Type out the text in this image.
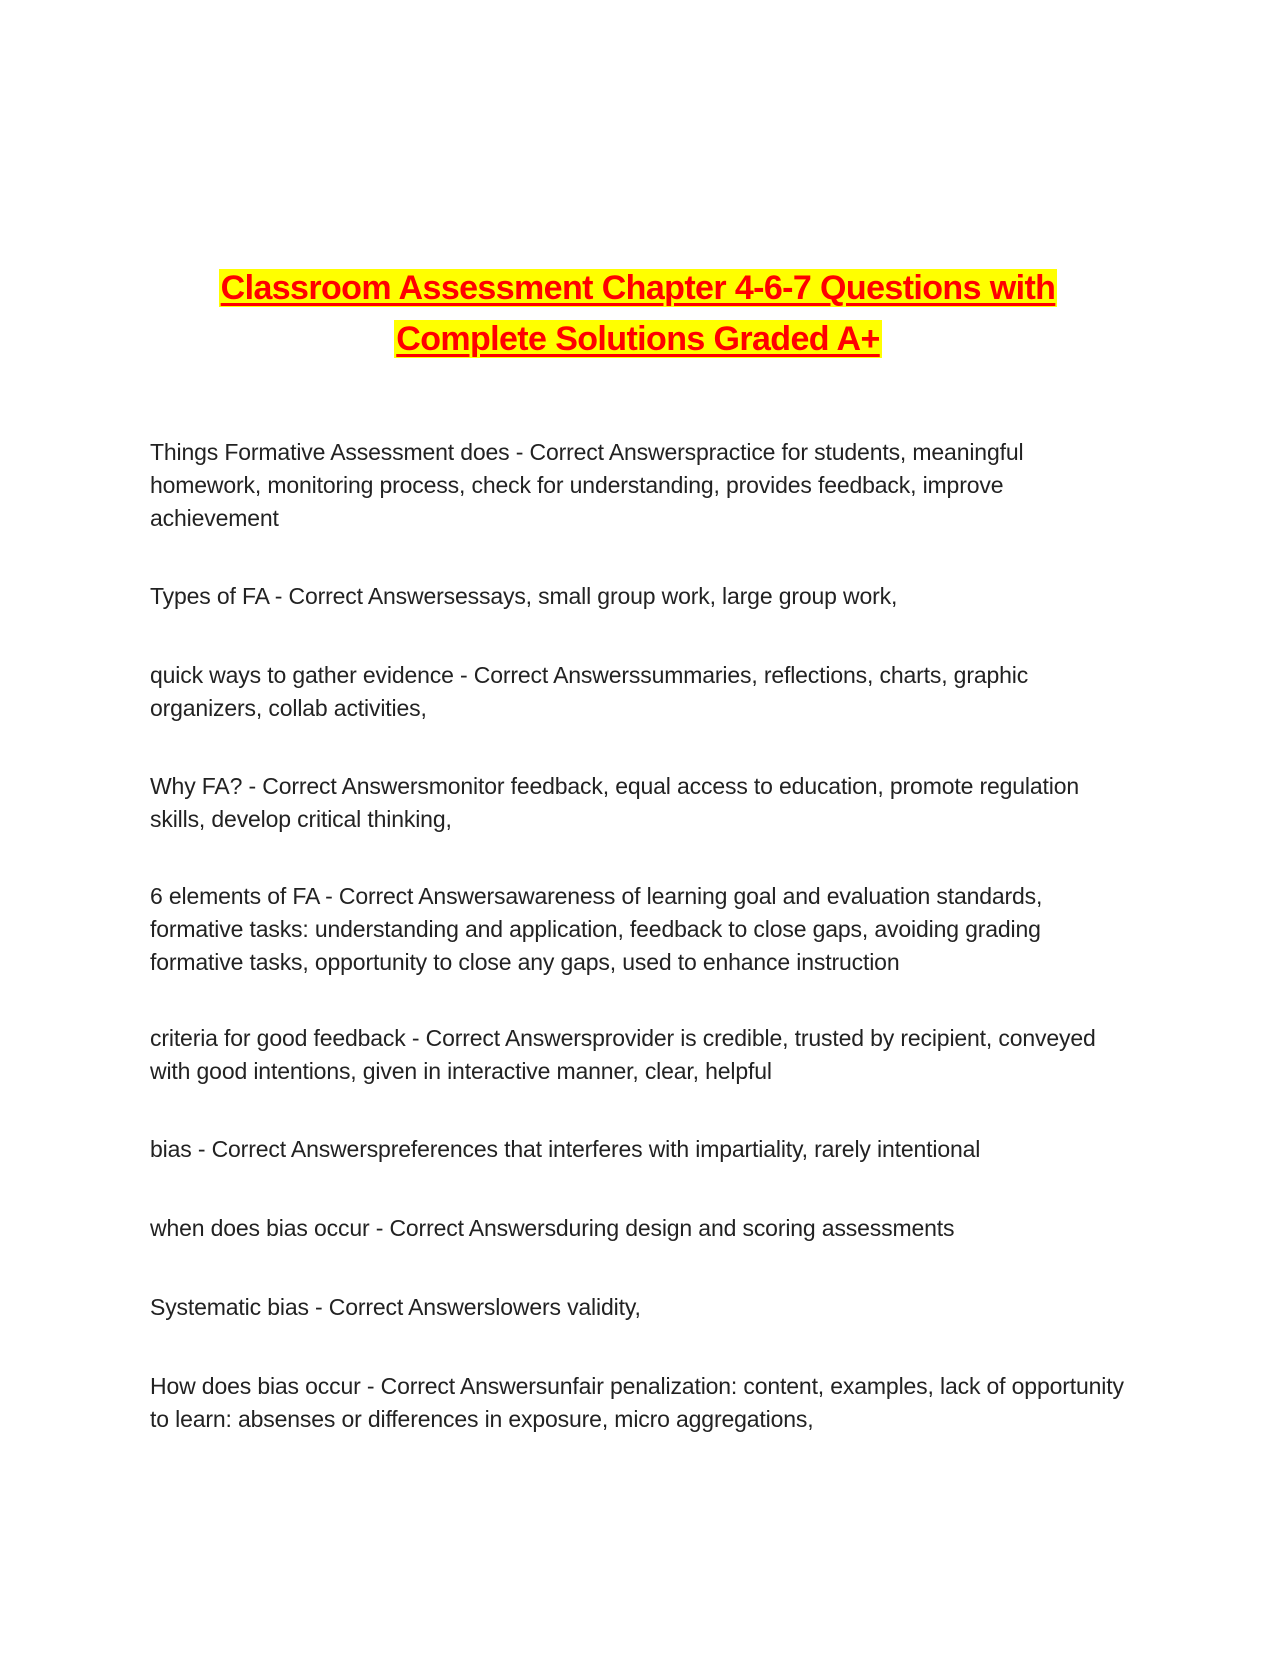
Classroom Assessment Chapter 4-6-7 Questions with
Complete Solutions Graded A+
Things Formative Assessment does - Correct Answerspractice for students, meaningful homework, monitoring process, check for understanding, provides feedback, improve achievement
Types of FA - Correct Answersessays, small group work, large group work,
quick ways to gather evidence - Correct Answerssummaries, reflections, charts, graphic organizers, collab activities,
Why FA? - Correct Answersmonitor feedback, equal access to education, promote regulation skills, develop critical thinking,
6 elements of FA - Correct Answersawareness of learning goal and evaluation standards, formative tasks: understanding and application, feedback to close gaps, avoiding grading formative tasks, opportunity to close any gaps, used to enhance instruction
criteria for good feedback - Correct Answersprovider is credible, trusted by recipient, conveyed with good intentions, given in interactive manner, clear, helpful
bias - Correct Answerspreferences that interferes with impartiality, rarely intentional
when does bias occur - Correct Answersduring design and scoring assessments
Systematic bias - Correct Answerslowers validity,
How does bias occur - Correct Answersunfair penalization: content, examples, lack of opportunity to learn: absenses or differences in exposure, micro aggregations,
